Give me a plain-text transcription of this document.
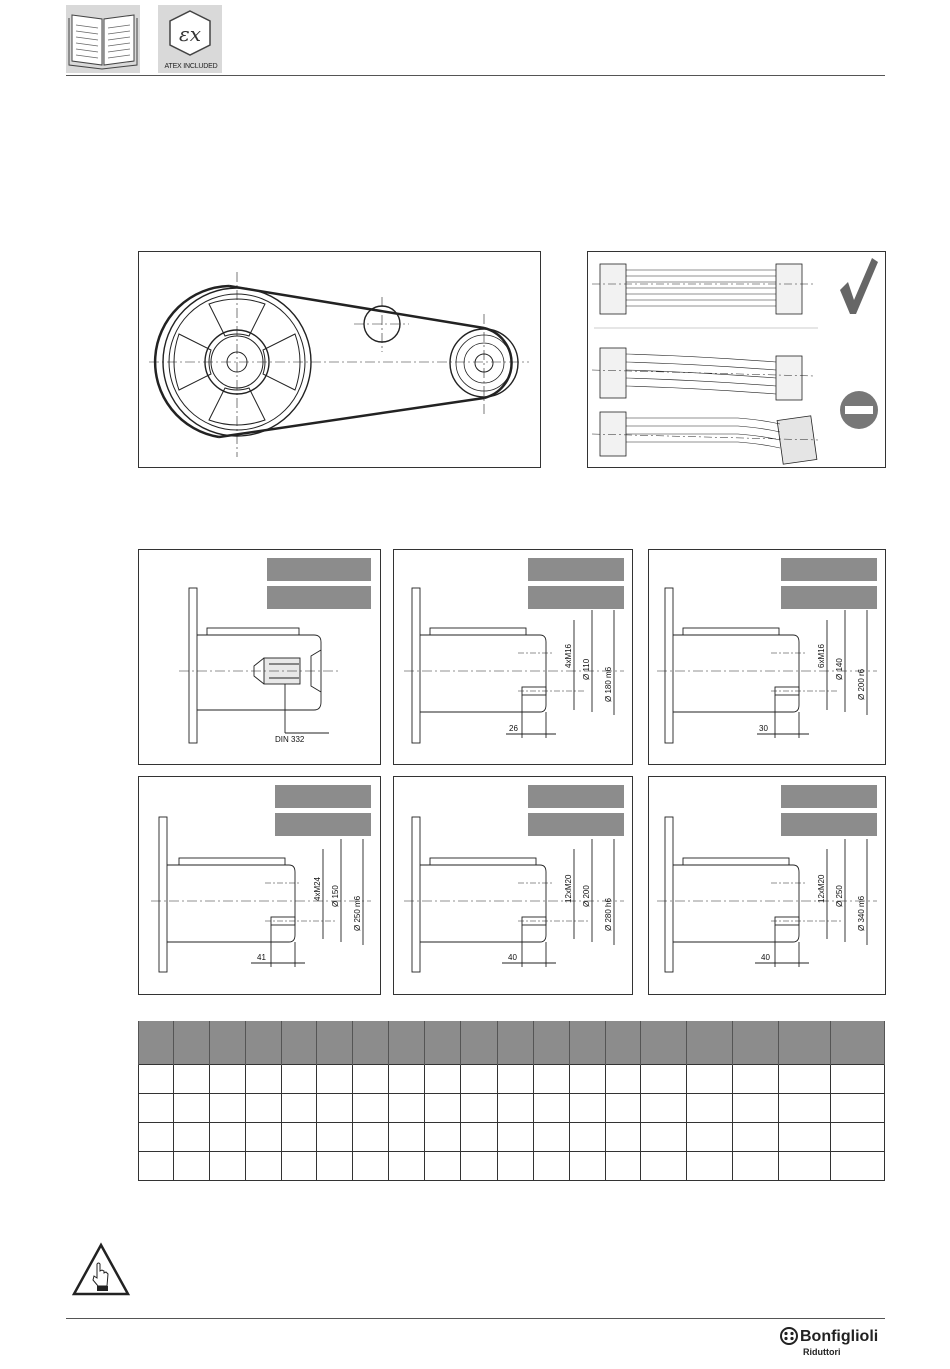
εx
ATEX INCLUDED
DIN 332
26
4xM16
Ø 110 Ø 180 m6
30
6xM16
Ø 140 Ø 200 r6
41
4xM24 Ø 150 Ø 250 m6
40
12xM20 Ø 200
Ø 280 h6
40
12xM20 Ø 250 Ø 340 m6

Bonfiglioli
Riduttori
